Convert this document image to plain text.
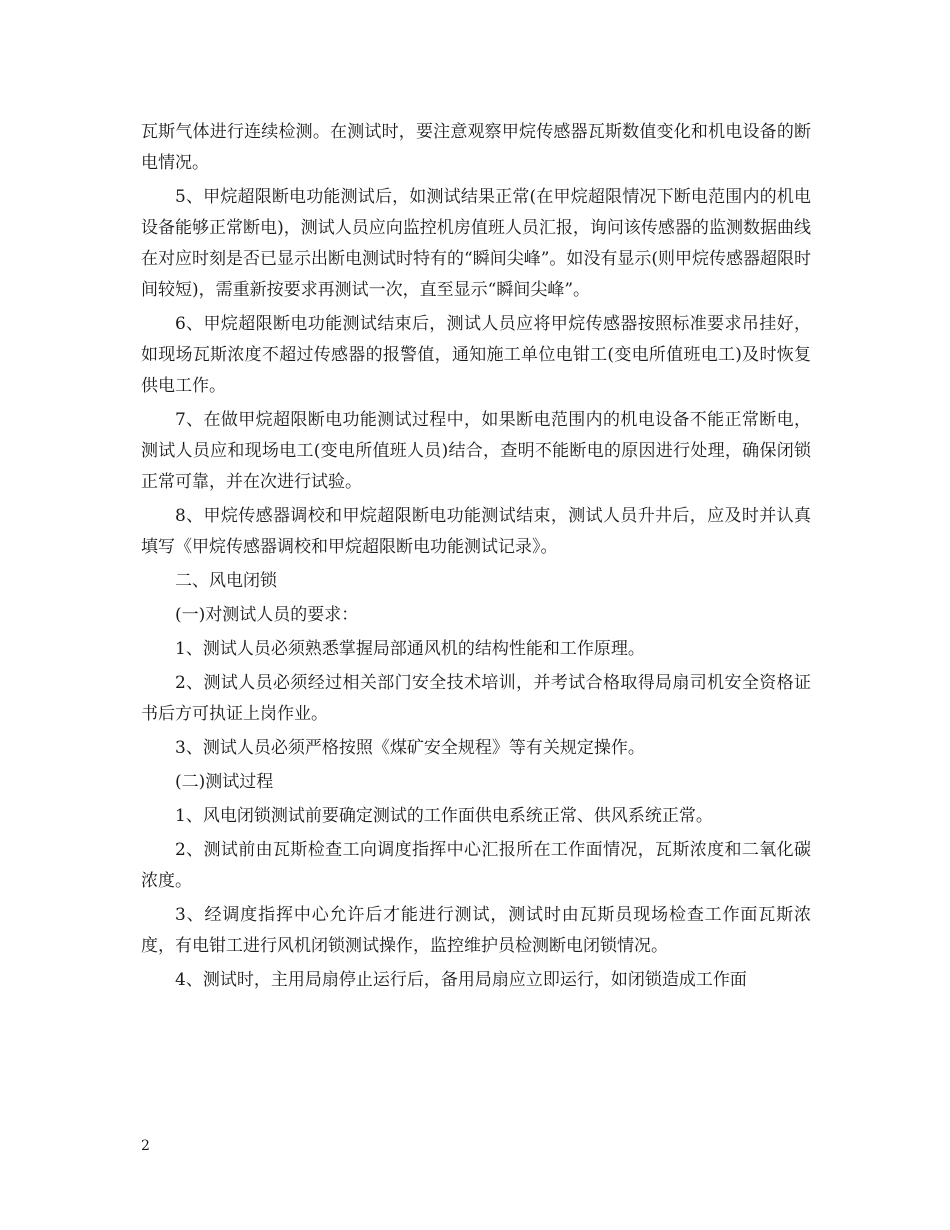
瓦斯气体进行连续检测。在测试时，要注意观察甲烷传感器瓦斯数值变化和机电设备的断电情况。

5、甲烷超限断电功能测试后，如测试结果正常(在甲烷超限情况下断电范围内的机电设备能够正常断电)，测试人员应向监控机房值班人员汇报，询问该传感器的监测数据曲线在对应时刻是否已显示出断电测试时特有的“瞬间尖峰”。如没有显示(则甲烷传感器超限时间较短)，需重新按要求再测试一次，直至显示“瞬间尖峰”。

6、甲烷超限断电功能测试结束后，测试人员应将甲烷传感器按照标准要求吊挂好，如现场瓦斯浓度不超过传感器的报警值，通知施工单位电钳工(变电所值班电工)及时恢复供电工作。

7、在做甲烷超限断电功能测试过程中，如果断电范围内的机电设备不能正常断电，测试人员应和现场电工(变电所值班人员)结合，查明不能断电的原因进行处理，确保闭锁正常可靠，并在次进行试验。

8、甲烷传感器调校和甲烷超限断电功能测试结束，测试人员升井后，应及时并认真填写《甲烷传感器调校和甲烷超限断电功能测试记录》。

二、风电闭锁

(一)对测试人员的要求：

1、测试人员必须熟悉掌握局部通风机的结构性能和工作原理。

2、测试人员必须经过相关部门安全技术培训，并考试合格取得局扇司机安全资格证书后方可执证上岗作业。

3、测试人员必须严格按照《煤矿安全规程》等有关规定操作。

(二)测试过程

1、风电闭锁测试前要确定测试的工作面供电系统正常、供风系统正常。

2、测试前由瓦斯检查工向调度指挥中心汇报所在工作面情况，瓦斯浓度和二氧化碳浓度。

3、经调度指挥中心允许后才能进行测试，测试时由瓦斯员现场检查工作面瓦斯浓度，有电钳工进行风机闭锁测试操作，监控维护员检测断电闭锁情况。

4、测试时，主用局扇停止运行后，备用局扇应立即运行，如闭锁造成工作面

2
